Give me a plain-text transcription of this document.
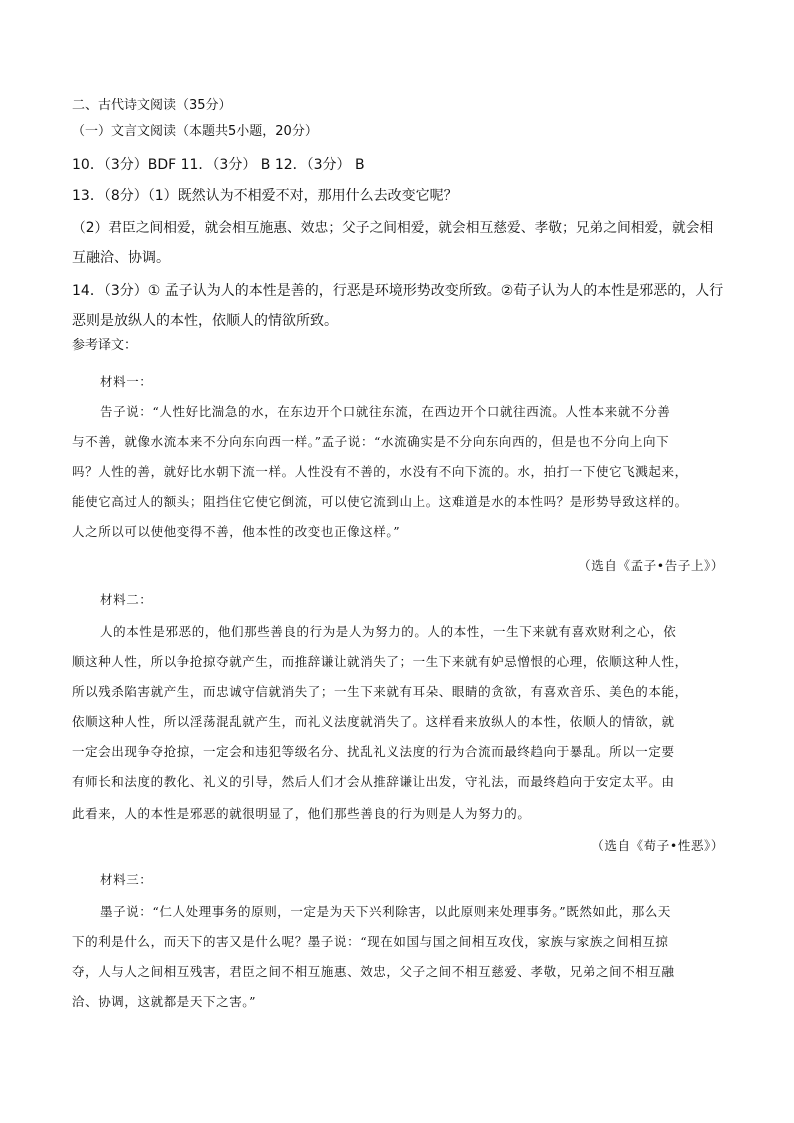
二、古代诗文阅读（35分）
（一）文言文阅读（本题共5小题，20分）
10．（3分）BDF 11．（3分） B 12．（3分） B
13．（8分）（1）既然认为不相爱不对，那用什么去改变它呢？
（2）君臣之间相爱，就会相互施惠、效忠；父子之间相爱，就会相互慈爱、孝敬；兄弟之间相爱，就会相
互融洽、协调。
14．（3分）① 孟子认为人的本性是善的，行恶是环境形势改变所致。②荀子认为人的本性是邪恶的，人行
恶则是放纵人的本性，依顺人的情欲所致。
参考译文：
材料一：
告子说：“人性好比湍急的水，在东边开个口就往东流，在西边开个口就往西流。人性本来就不分善
与不善，就像水流本来不分向东向西一样。”孟子说：“水流确实是不分向东向西的，但是也不分向上向下
吗？人性的善，就好比水朝下流一样。人性没有不善的，水没有不向下流的。水，拍打一下使它飞溅起来，
能使它高过人的额头；阻挡住它使它倒流，可以使它流到山上。这难道是水的本性吗？是形势导致这样的。
人之所以可以使他变得不善，他本性的改变也正像这样。”
（选自《孟子•告子上》）
材料二：
人的本性是邪恶的，他们那些善良的行为是人为努力的。人的本性，一生下来就有喜欢财利之心，依
顺这种人性，所以争抢掠夺就产生，而推辞谦让就消失了；一生下来就有妒忌憎恨的心理，依顺这种人性，
所以残杀陷害就产生，而忠诚守信就消失了；一生下来就有耳朵、眼睛的贪欲，有喜欢音乐、美色的本能，
依顺这种人性，所以淫荡混乱就产生，而礼义法度就消失了。这样看来放纵人的本性，依顺人的情欲，就
一定会出现争夺抢掠，一定会和违犯等级名分、扰乱礼义法度的行为合流而最终趋向于暴乱。所以一定要
有师长和法度的教化、礼义的引导，然后人们才会从推辞谦让出发，守礼法，而最终趋向于安定太平。由
此看来，人的本性是邪恶的就很明显了，他们那些善良的行为则是人为努力的。
（选自《荀子•性恶》）
材料三：
墨子说：“仁人处理事务的原则，一定是为天下兴利除害，以此原则来处理事务。”既然如此，那么天
下的利是什么，而天下的害又是什么呢？墨子说：“现在如国与国之间相互攻伐，家族与家族之间相互掠
夺，人与人之间相互残害，君臣之间不相互施惠、效忠，父子之间不相互慈爱、孝敬，兄弟之间不相互融
洽、协调，这就都是天下之害。”
